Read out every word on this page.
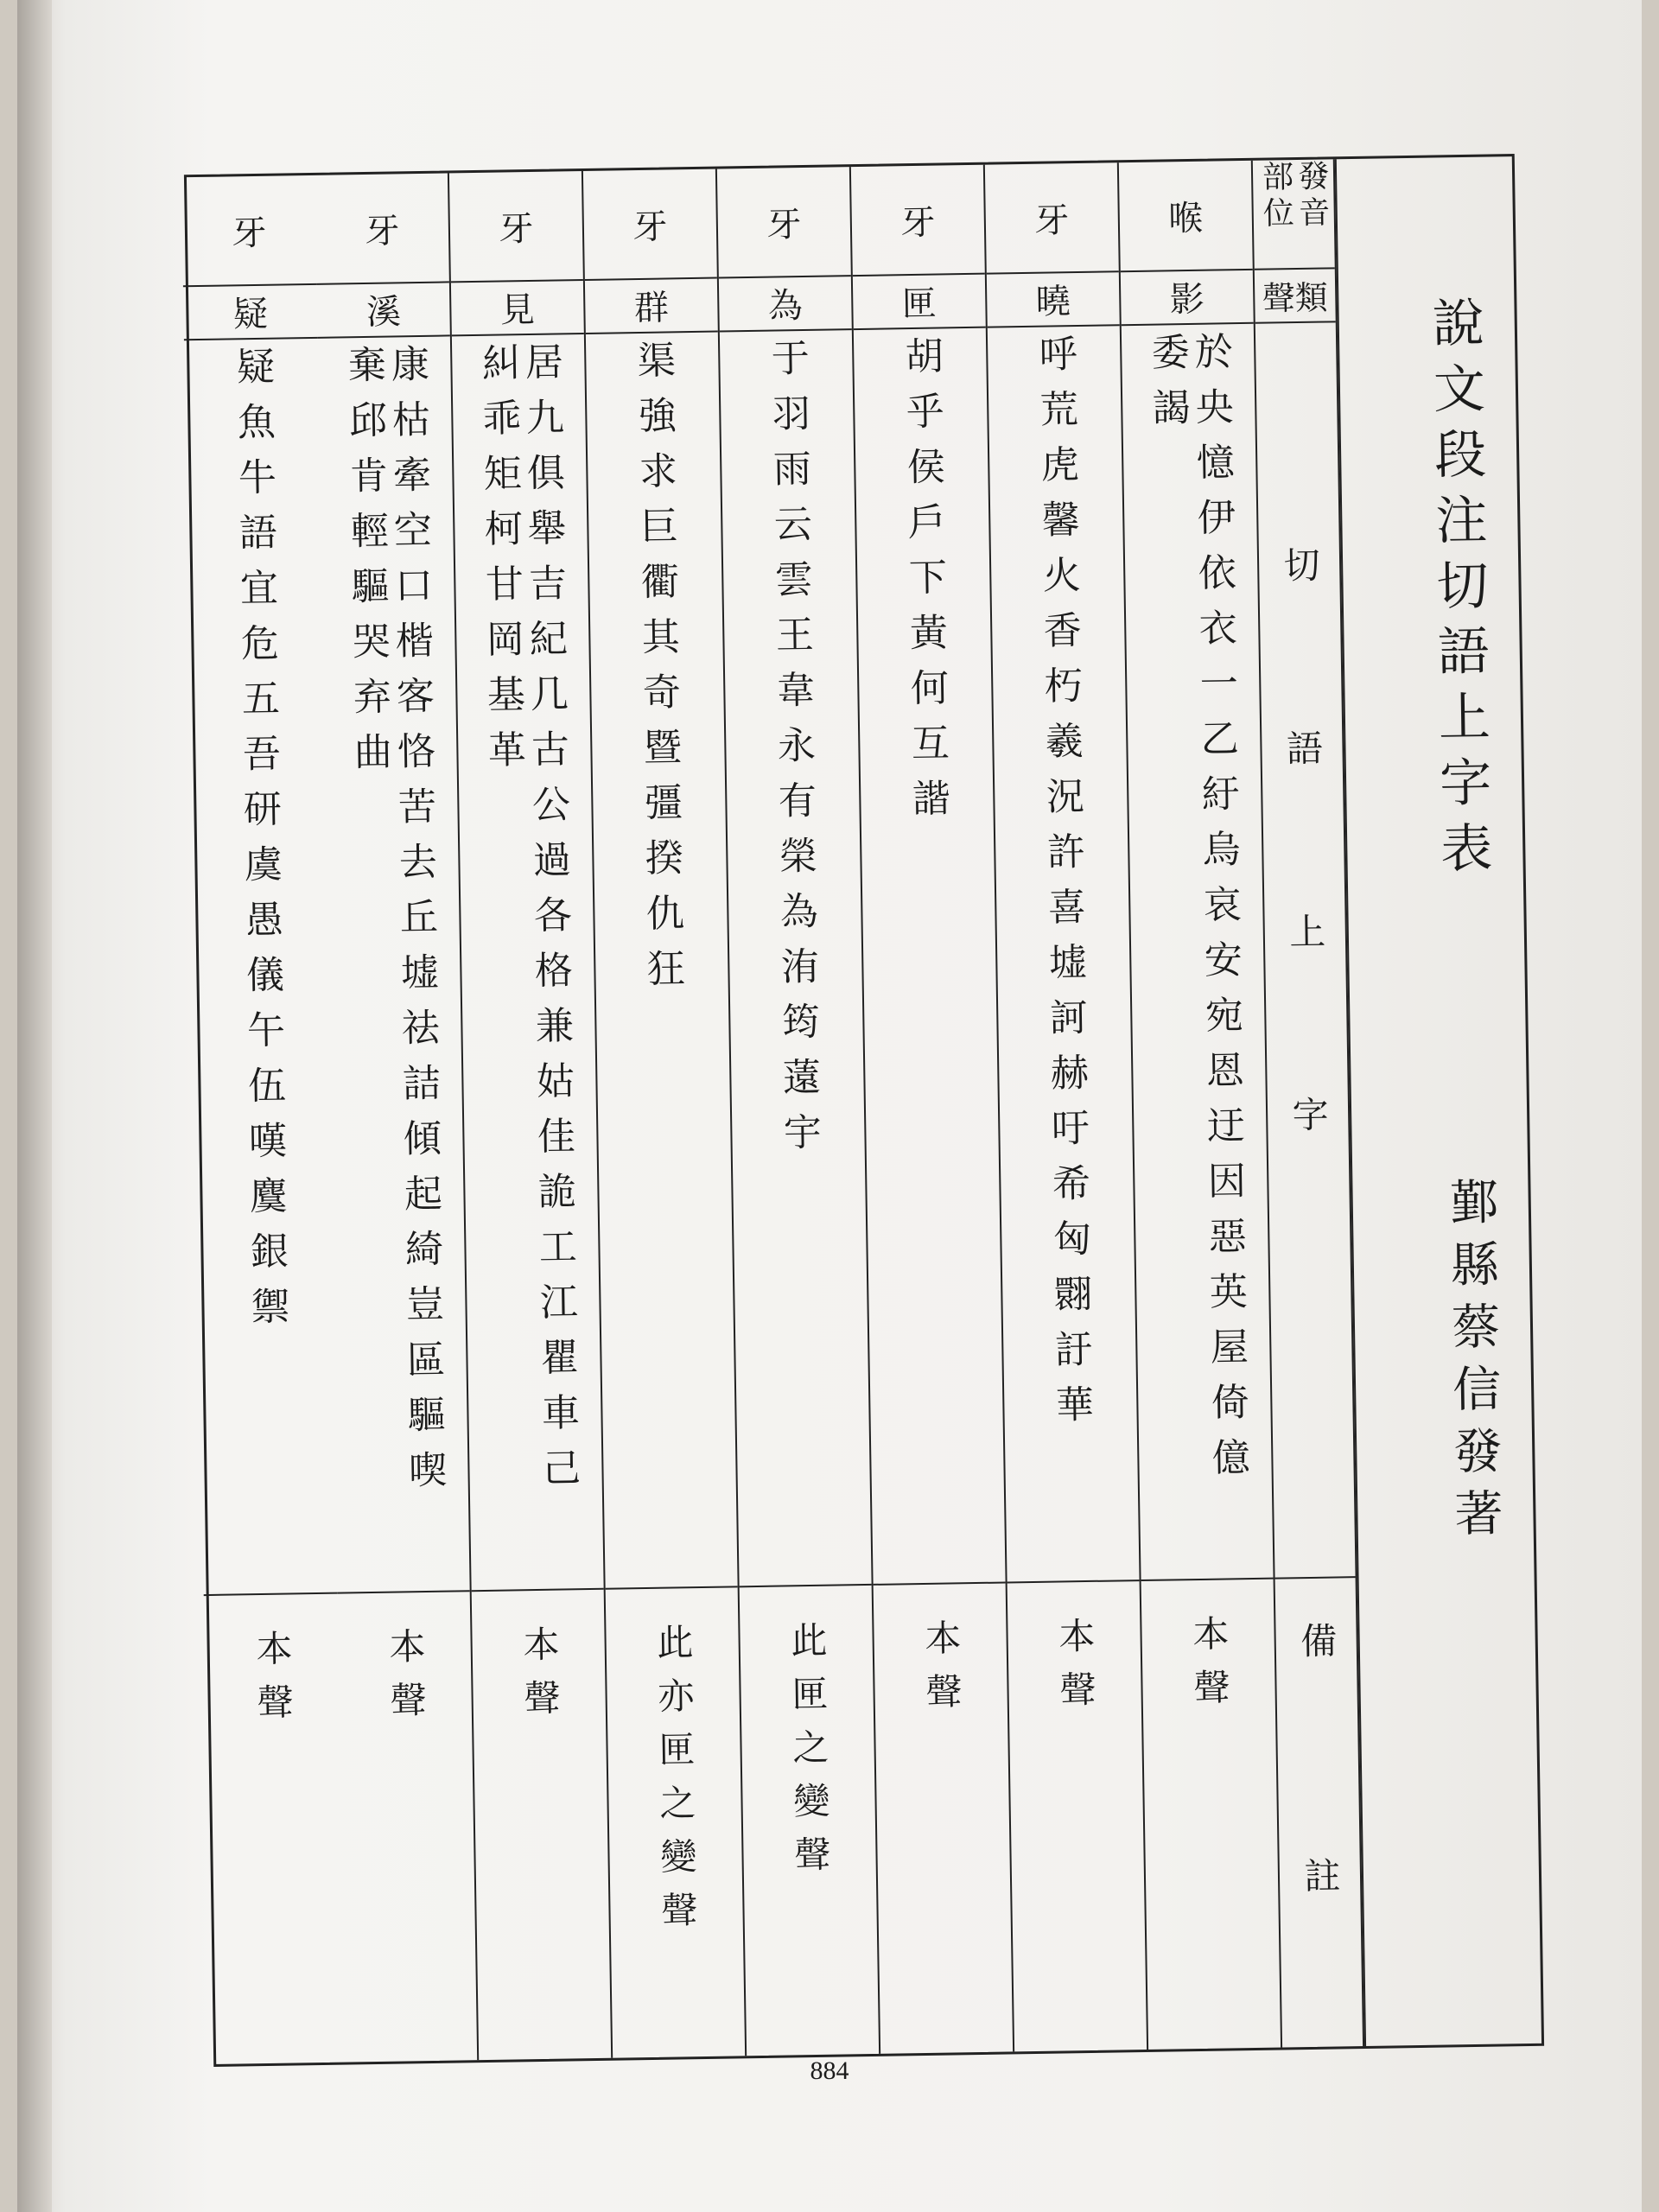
說文段注切語上字表
鄞縣蔡信發著
發音部位
聲類
切
語
上
字
備
註
喉
影
於央憶伊依衣一乙紆烏哀安宛恩迂因惡英屋倚億
委謁
本聲
牙
曉
呼荒虎馨火香朽羲況許喜墟訶赫吁希匈翾訏華
本聲
牙
匣
胡乎侯戶下黃何互諧
本聲
牙
為
于羽雨云雲王韋永有榮為洧筠薳宇
此匣之變聲
牙
群
渠強求巨衢其奇暨彊揆仇狂
此亦匣之變聲
牙
見
居九俱舉吉紀几古公過各格兼姑佳詭工江瞿車己
糾乖矩柯甘岡基革
本聲
牙
溪
康枯牽空口楷客恪苦去丘墟祛詰傾起綺豈區驅喫
棄邱肯輕驅哭弃曲
本聲
牙
疑
疑魚牛語宜危五吾研虞愚儀午伍嘆麌銀禦
本聲
884
